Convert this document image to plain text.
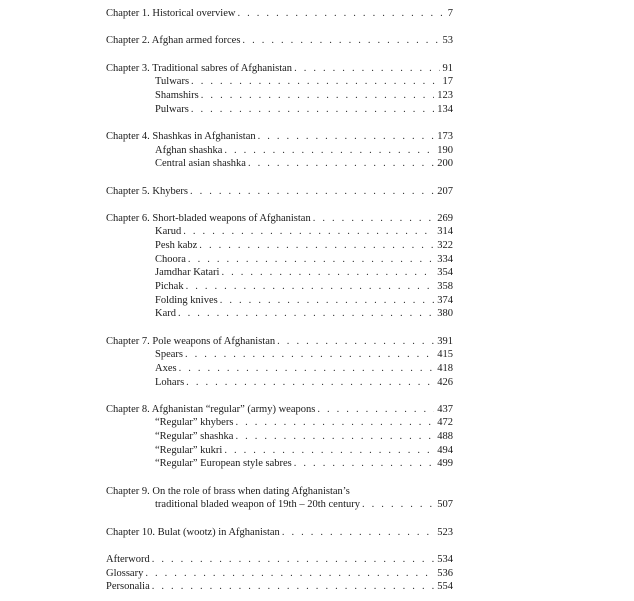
Chapter 1. Historical overview . . .	7
Chapter 2. Afghan armed forces . . .	53
Chapter 3. Traditional sabres of Afghanistan . . .	91
Tulwars . . .	17
Shamshirs . . .	123
Pulwars . . .	134
Chapter 4. Shashkas in Afghanistan . . .	173
Afghan shashka . . .	190
Central asian shashka . . .	200
Chapter 5. Khybers . . .	207
Chapter 6. Short-bladed weapons of Afghanistan . . .	269
Karud . . .	314
Pesh kabz . . .	322
Choora . . .	334
Jamdhar Katari . . .	354
Pichak . . .	358
Folding knives . . .	374
Kard . . .	380
Chapter 7. Pole weapons of Afghanistan . . .	391
Spears . . .	415
Axes . . .	418
Lohars . . .	426
Chapter 8. Afghanistan “regular” (army) weapons . . .	437
“Regular” khybers . . .	472
“Regular” shashka . . .	488
“Regular” kukri . . .	494
“Regular” European style sabres . . .	499
Chapter 9. On the role of brass when dating Afghanistan’s
traditional bladed weapon of 19th – 20th century . . .	507
Chapter 10. Bulat (wootz) in Afghanistan . . .	523
Afterword . . .	534
Glossary . . .	536
Personalia . . .	554
